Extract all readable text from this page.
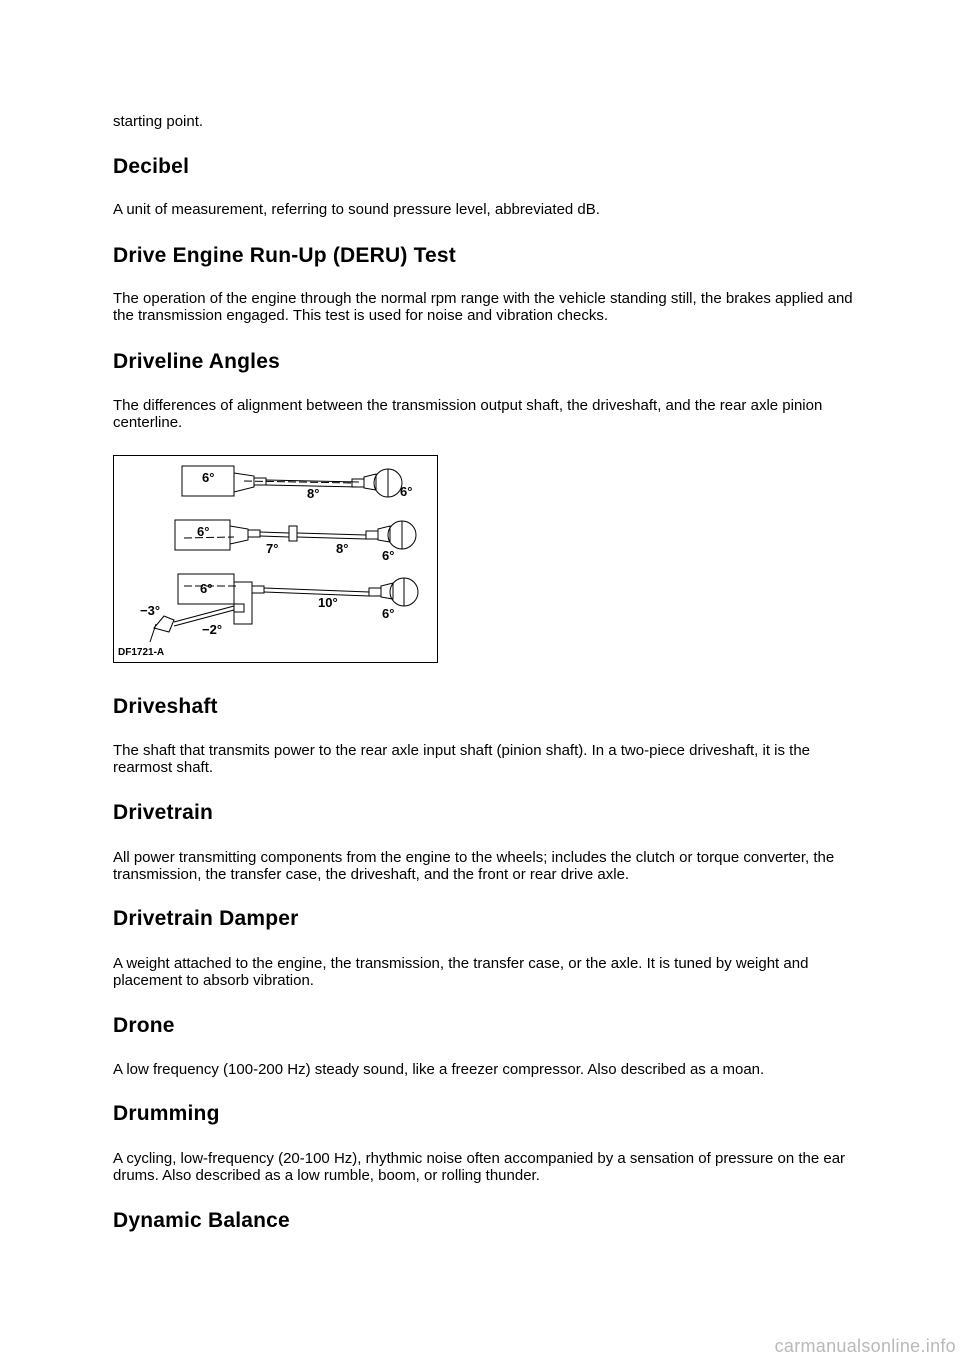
starting point.

Decibel

A unit of measurement, referring to sound pressure level, abbreviated dB.

Drive Engine Run-Up (DERU) Test

The operation of the engine through the normal rpm range with the vehicle standing still, the brakes applied and the transmission engaged. This test is used for noise and vibration checks.

Driveline Angles

The differences of alignment between the transmission output shaft, the driveshaft, and the rear axle pinion centerline.

6°
8°	6°
6°
7°	8°	6°
6°
10°
6°
−3°
−2°
DF1721-A
Driveshaft

The shaft that transmits power to the rear axle input shaft (pinion shaft). In a two-piece driveshaft, it is the rearmost shaft.

Drivetrain

All power transmitting components from the engine to the wheels; includes the clutch or torque converter, the transmission, the transfer case, the driveshaft, and the front or rear drive axle.

Drivetrain Damper

A weight attached to the engine, the transmission, the transfer case, or the axle. It is tuned by weight and placement to absorb vibration.

Drone

A low frequency (100-200 Hz) steady sound, like a freezer compressor. Also described as a moan.

Drumming

A cycling, low-frequency (20-100 Hz), rhythmic noise often accompanied by a sensation of pressure on the ear drums. Also described as a low rumble, boom, or rolling thunder.

Dynamic Balance
carmanualsonline.info
